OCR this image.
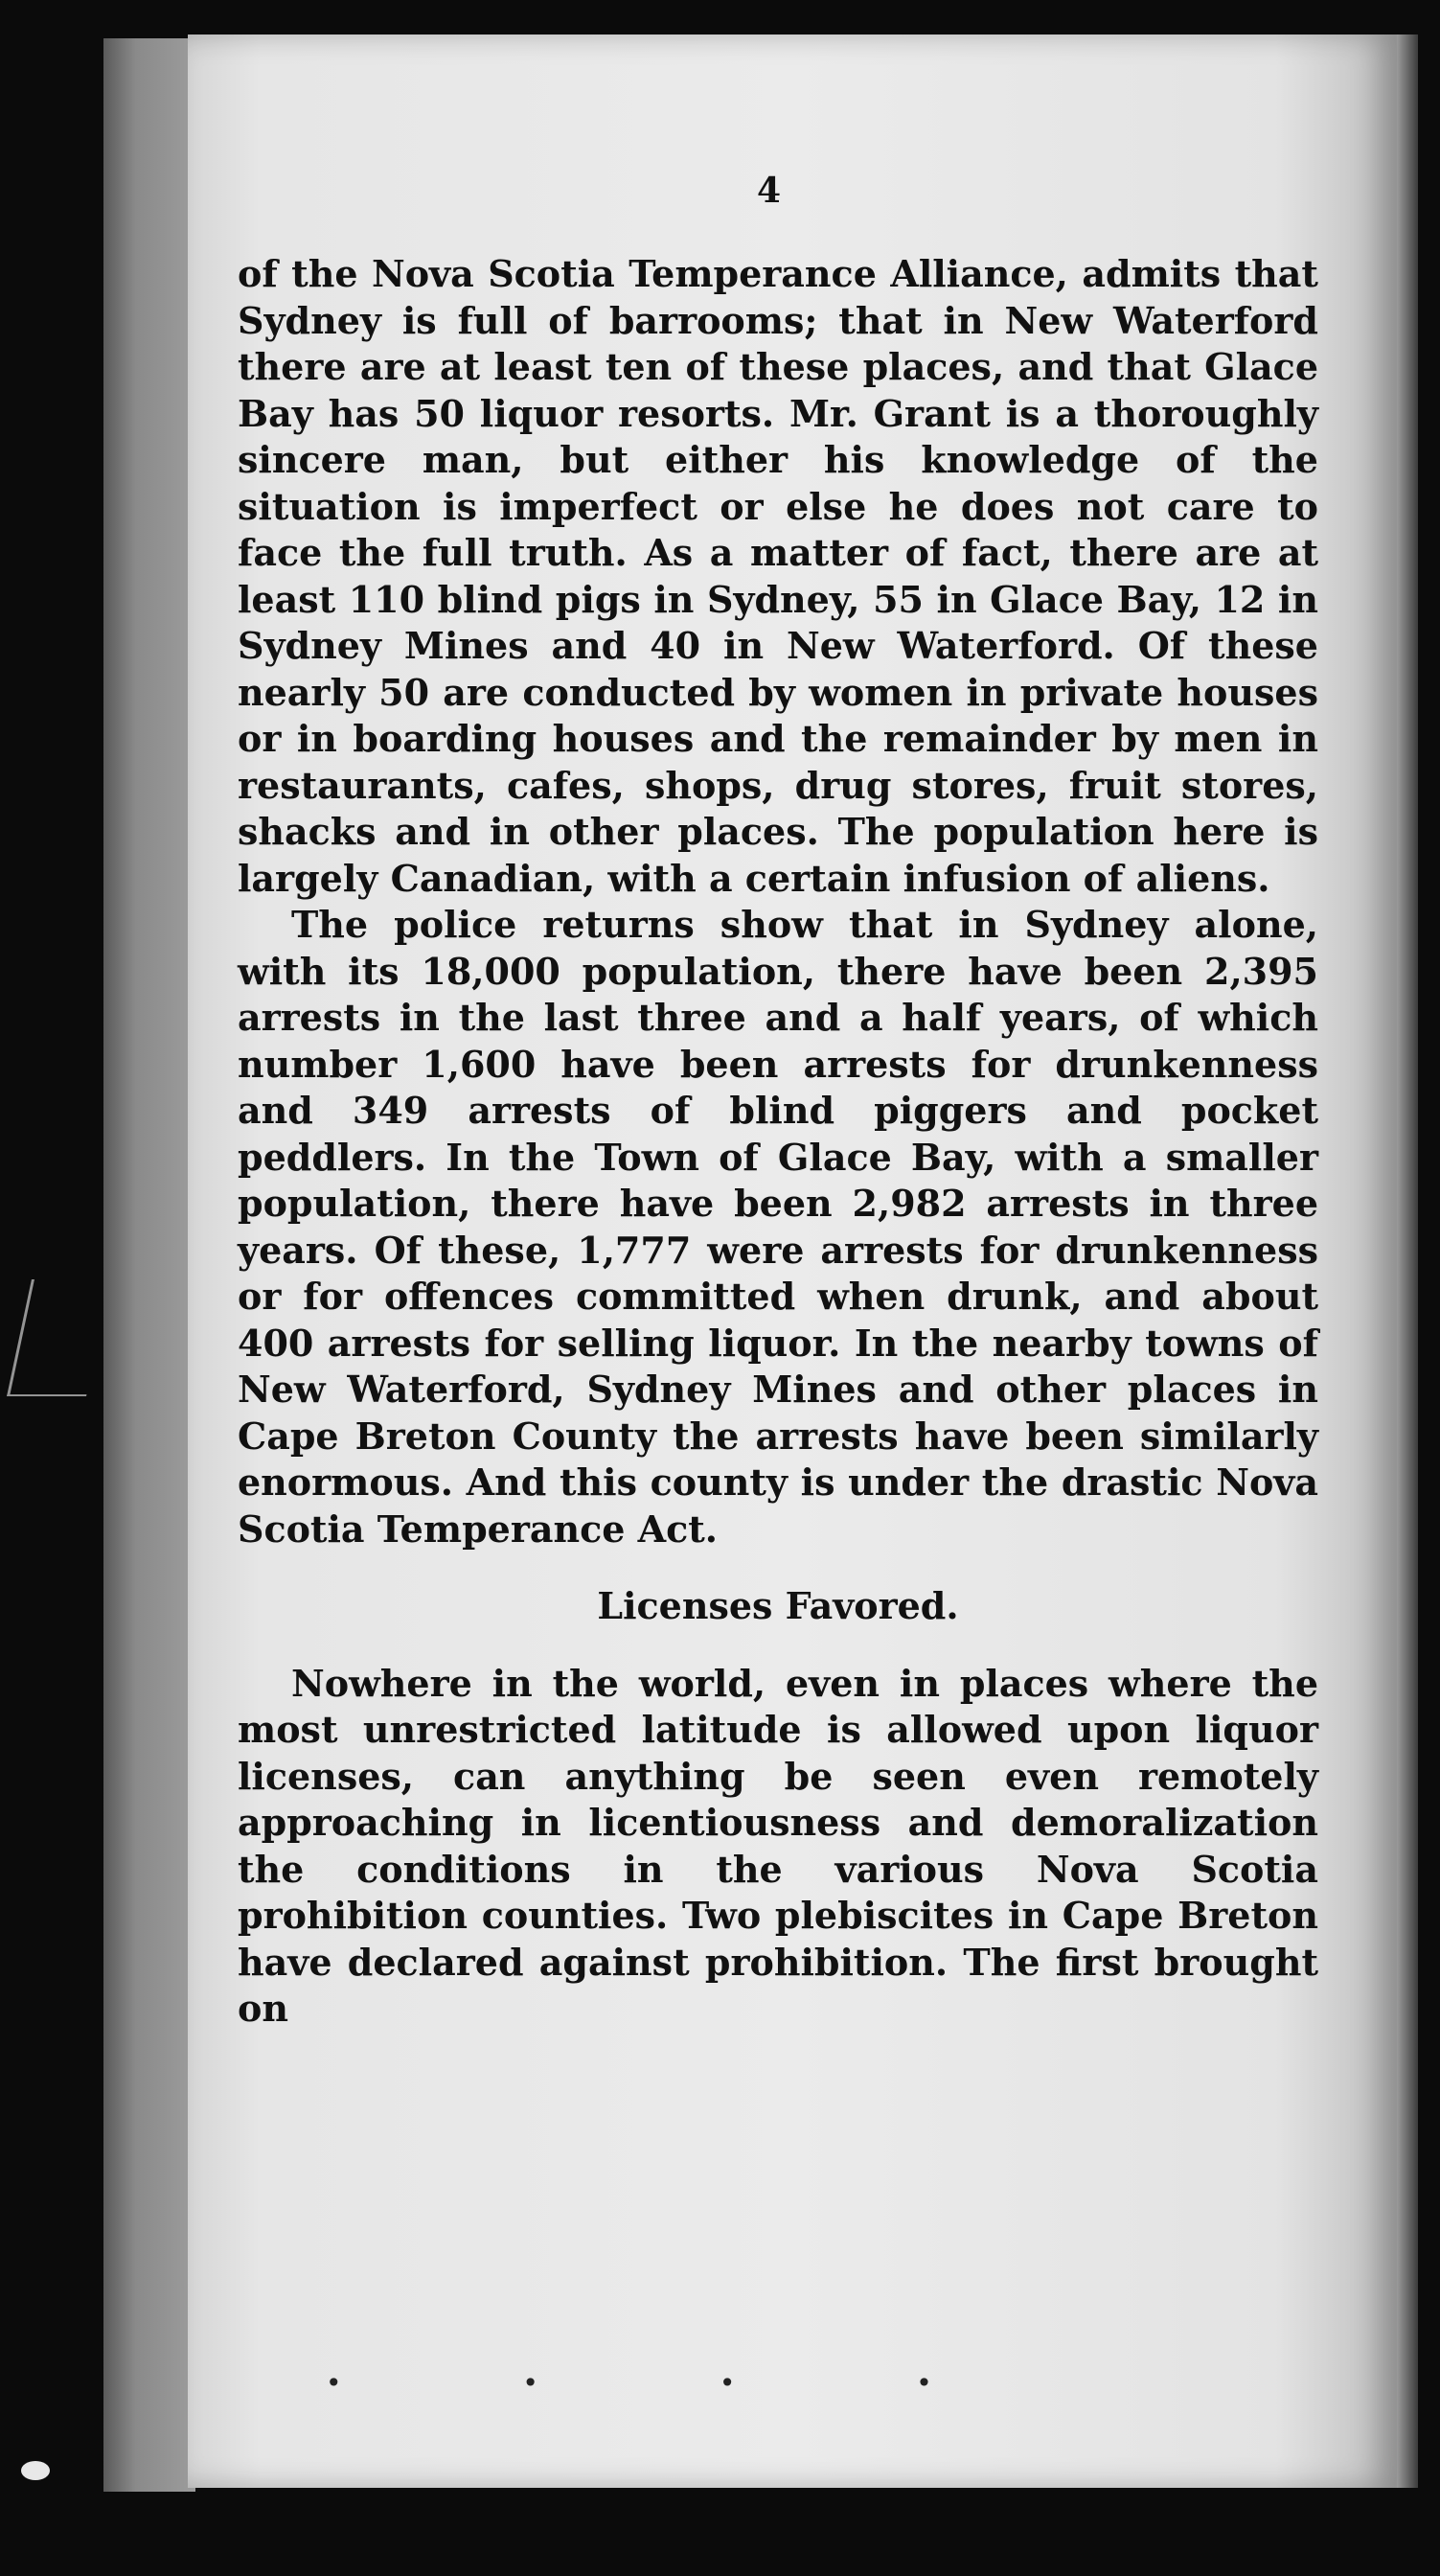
4

of the Nova Scotia Temperance Alliance, admits that Sydney is full of barrooms; that in New Waterford there are at least ten of these places, and that Glace Bay has 50 liquor resorts. Mr. Grant is a thoroughly sincere man, but either his knowledge of the situation is imperfect or else he does not care to face the full truth. As a matter of fact, there are at least 110 blind pigs in Sydney, 55 in Glace Bay, 12 in Sydney Mines and 40 in New Waterford. Of these nearly 50 are conducted by women in private houses or in boarding houses and the remainder by men in restaurants, cafes, shops, drug stores, fruit stores, shacks and in other places. The population here is largely Canadian, with a certain infusion of aliens.

The police returns show that in Sydney alone, with its 18,000 population, there have been 2,395 arrests in the last three and a half years, of which number 1,600 have been arrests for drunkenness and 349 arrests of blind piggers and pocket peddlers. In the Town of Glace Bay, with a smaller population, there have been 2,982 arrests in three years. Of these, 1,777 were arrests for drunkenness or for offences committed when drunk, and about 400 arrests for selling liquor. In the nearby towns of New Waterford, Sydney Mines and other places in Cape Breton County the arrests have been similarly enormous. And this county is under the drastic Nova Scotia Temperance Act.

Licenses Favored.

Nowhere in the world, even in places where the most unrestricted latitude is allowed upon liquor licenses, can anything be seen even remotely approaching in licentiousness and demoralization the conditions in the various Nova Scotia prohibition counties. Two plebiscites in Cape Breton have declared against prohibition. The first brought on

• • • •
